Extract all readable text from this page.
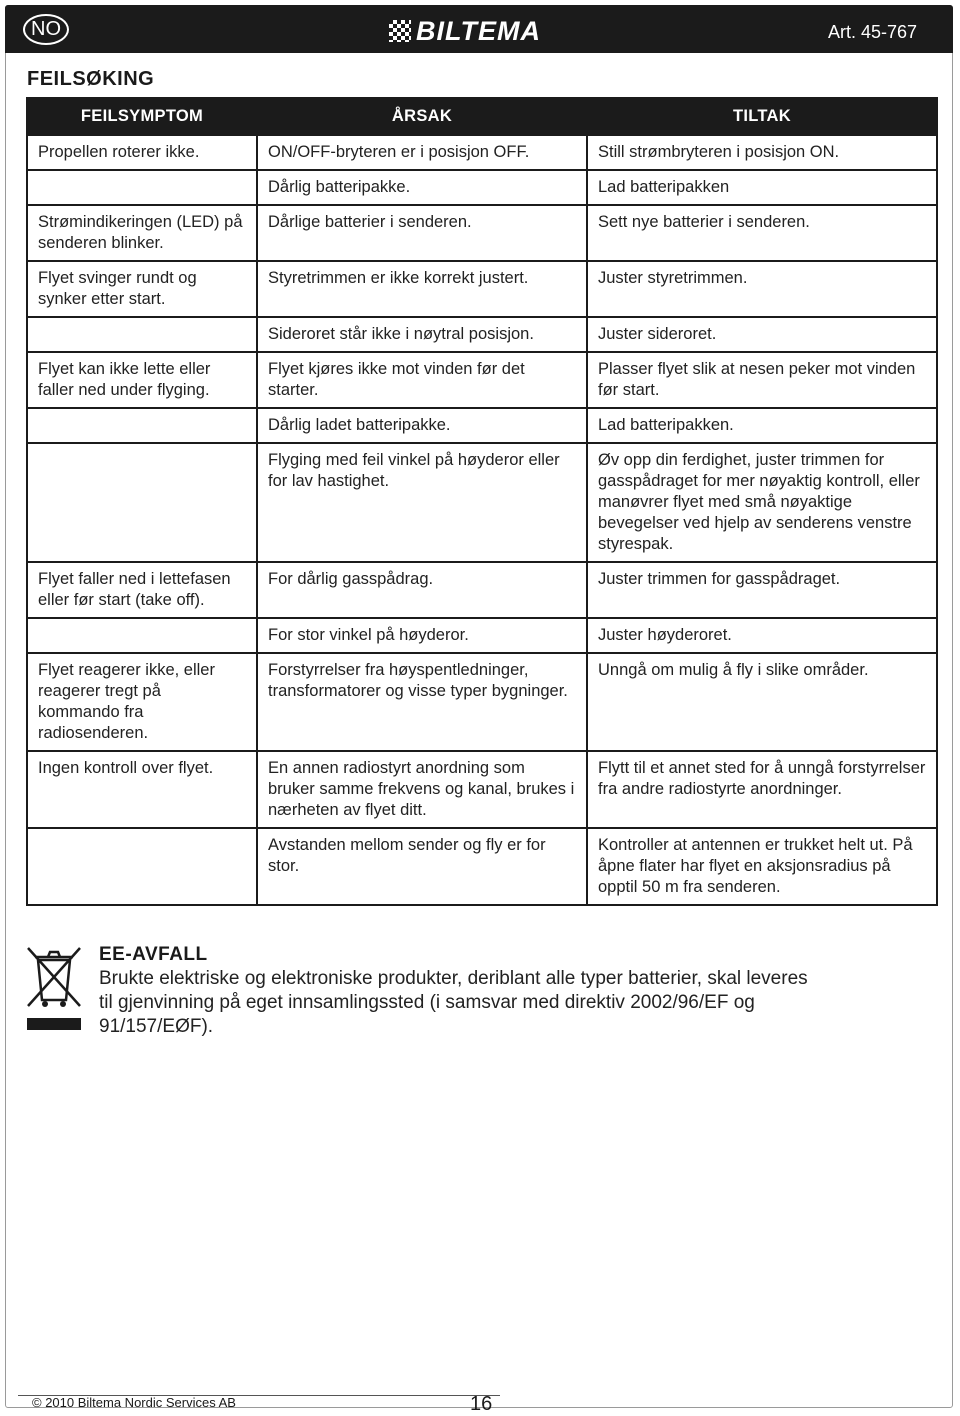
NO	BILTEMA	Art. 45-767
FEILSØKING
FEILSYMPTOM	ÅRSAK	TILTAK
Propellen roterer ikke.	ON/OFF-bryteren er i posisjon OFF.	Still strømbryteren i posisjon ON.
	Dårlig batteripakke.	Lad batteripakken
Strømindikeringen (LED) på senderen blinker.	Dårlige batterier i senderen.	Sett nye batterier i senderen.
Flyet svinger rundt og synker etter start.	Styretrimmen er ikke korrekt justert.	Juster styretrimmen.
	Sideroret står ikke i nøytral posisjon.	Juster sideroret.
Flyet kan ikke lette eller faller ned under flyging.	Flyet kjøres ikke mot vinden før det starter.	Plasser flyet slik at nesen peker mot vinden før start.
	Dårlig ladet batteripakke.	Lad batteripakken.
	Flyging med feil vinkel på høyderor eller for lav hastighet.	Øv opp din ferdighet, juster trimmen for gasspådraget for mer nøyaktig kontroll, eller manøvrer flyet med små nøyaktige bevegelser ved hjelp av senderens venstre styrespak.
Flyet faller ned i lettefasen eller før start (take off).	For dårlig gasspådrag.	Juster trimmen for gasspådraget.
	For stor vinkel på høyderor.	Juster høyderoret.
Flyet reagerer ikke, eller reagerer tregt på kommando fra radiosenderen.	Forstyrrelser fra høyspentledninger, transformatorer og visse typer bygninger.	Unngå om mulig å fly i slike områder.
Ingen kontroll over flyet.	En annen radiostyrt anordning som bruker samme frekvens og kanal, brukes i nærheten av flyet ditt.	Flytt til et annet sted for å unngå forstyrrelser fra andre radiostyrte anordninger.
	Avstanden mellom sender og fly er for stor.	Kontroller at antennen er trukket helt ut. På åpne flater har flyet en aksjonsradius på opptil 50 m fra senderen.
EE-AVFALL
Brukte elektriske og elektroniske produkter, deriblant alle typer batterier, skal leveres til gjenvinning på eget innsamlingssted (i samsvar med direktiv 2002/96/EF og 91/157/EØF).
© 2010 Biltema Nordic Services AB	16
